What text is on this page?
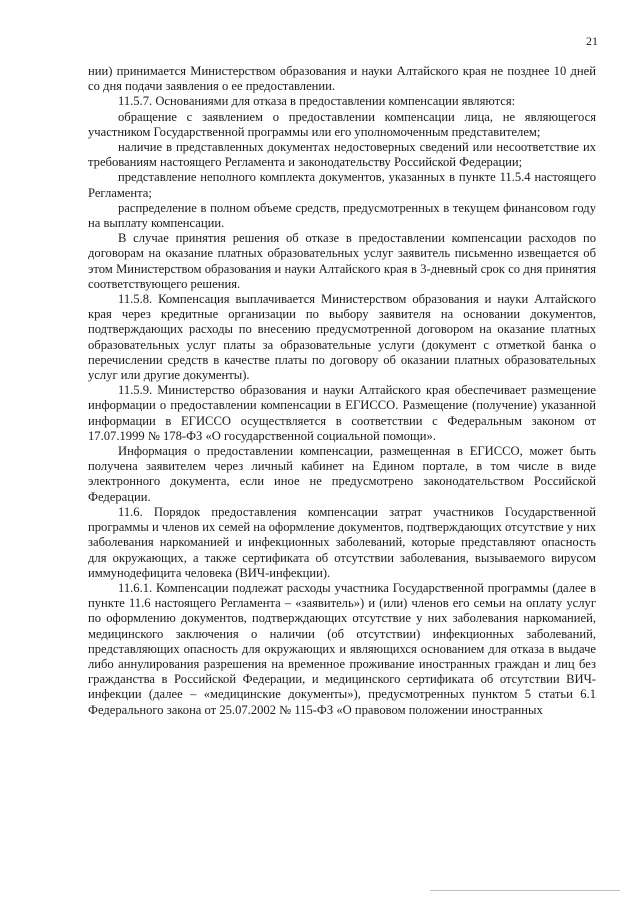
21

нии) принимается Министерством образования и науки Алтайского края не позднее 10 дней со дня подачи заявления о ее предоставлении.

11.5.7. Основаниями для отказа в предоставлении компенсации являются:

обращение с заявлением о предоставлении компенсации лица, не являющегося участником Государственной программы или его уполномоченным представителем;

наличие в представленных документах недостоверных сведений или несоответствие их требованиям настоящего Регламента и законодательству Российской Федерации;

представление неполного комплекта документов, указанных в пункте 11.5.4 настоящего Регламента;

распределение в полном объеме средств, предусмотренных в текущем финансовом году на выплату компенсации.

В случае принятия решения об отказе в предоставлении компенсации расходов по договорам на оказание платных образовательных услуг заявитель письменно извещается об этом Министерством образования и науки Алтайского края в 3-дневный срок со дня принятия соответствующего решения.

11.5.8. Компенсация выплачивается Министерством образования и науки Алтайского края через кредитные организации по выбору заявителя на основании документов, подтверждающих расходы по внесению предусмотренной договором на оказание платных образовательных услуг платы за образовательные услуги (документ с отметкой банка о перечислении средств в качестве платы по договору об оказании платных образовательных услуг или другие документы).

11.5.9. Министерство образования и науки Алтайского края обеспечивает размещение информации о предоставлении компенсации в ЕГИССО. Размещение (получение) указанной информации в ЕГИССО осуществляется в соответствии с Федеральным законом от 17.07.1999 № 178-ФЗ «О государственной социальной помощи».

Информация о предоставлении компенсации, размещенная в ЕГИССО, может быть получена заявителем через личный кабинет на Едином портале, в том числе в виде электронного документа, если иное не предусмотрено законодательством Российской Федерации.

11.6. Порядок предоставления компенсации затрат участников Государственной программы и членов их семей на оформление документов, подтверждающих отсутствие у них заболевания наркоманией и инфекционных заболеваний, которые представляют опасность для окружающих, а также сертификата об отсутствии заболевания, вызываемого вирусом иммунодефицита человека (ВИЧ-инфекции).

11.6.1. Компенсации подлежат расходы участника Государственной программы (далее в пункте 11.6 настоящего Регламента – «заявитель») и (или) членов его семьи на оплату услуг по оформлению документов, подтверждающих отсутствие у них заболевания наркоманией, медицинского заключения о наличии (об отсутствии) инфекционных заболеваний, представляющих опасность для окружающих и являющихся основанием для отказа в выдаче либо аннулирования разрешения на временное проживание иностранных граждан и лиц без гражданства в Российской Федерации, и медицинского сертификата об отсутствии ВИЧ-инфекции (далее – «медицинские документы»), предусмотренных пунктом 5 статьи 6.1 Федерального закона от 25.07.2002 № 115-ФЗ «О правовом положении иностранных
